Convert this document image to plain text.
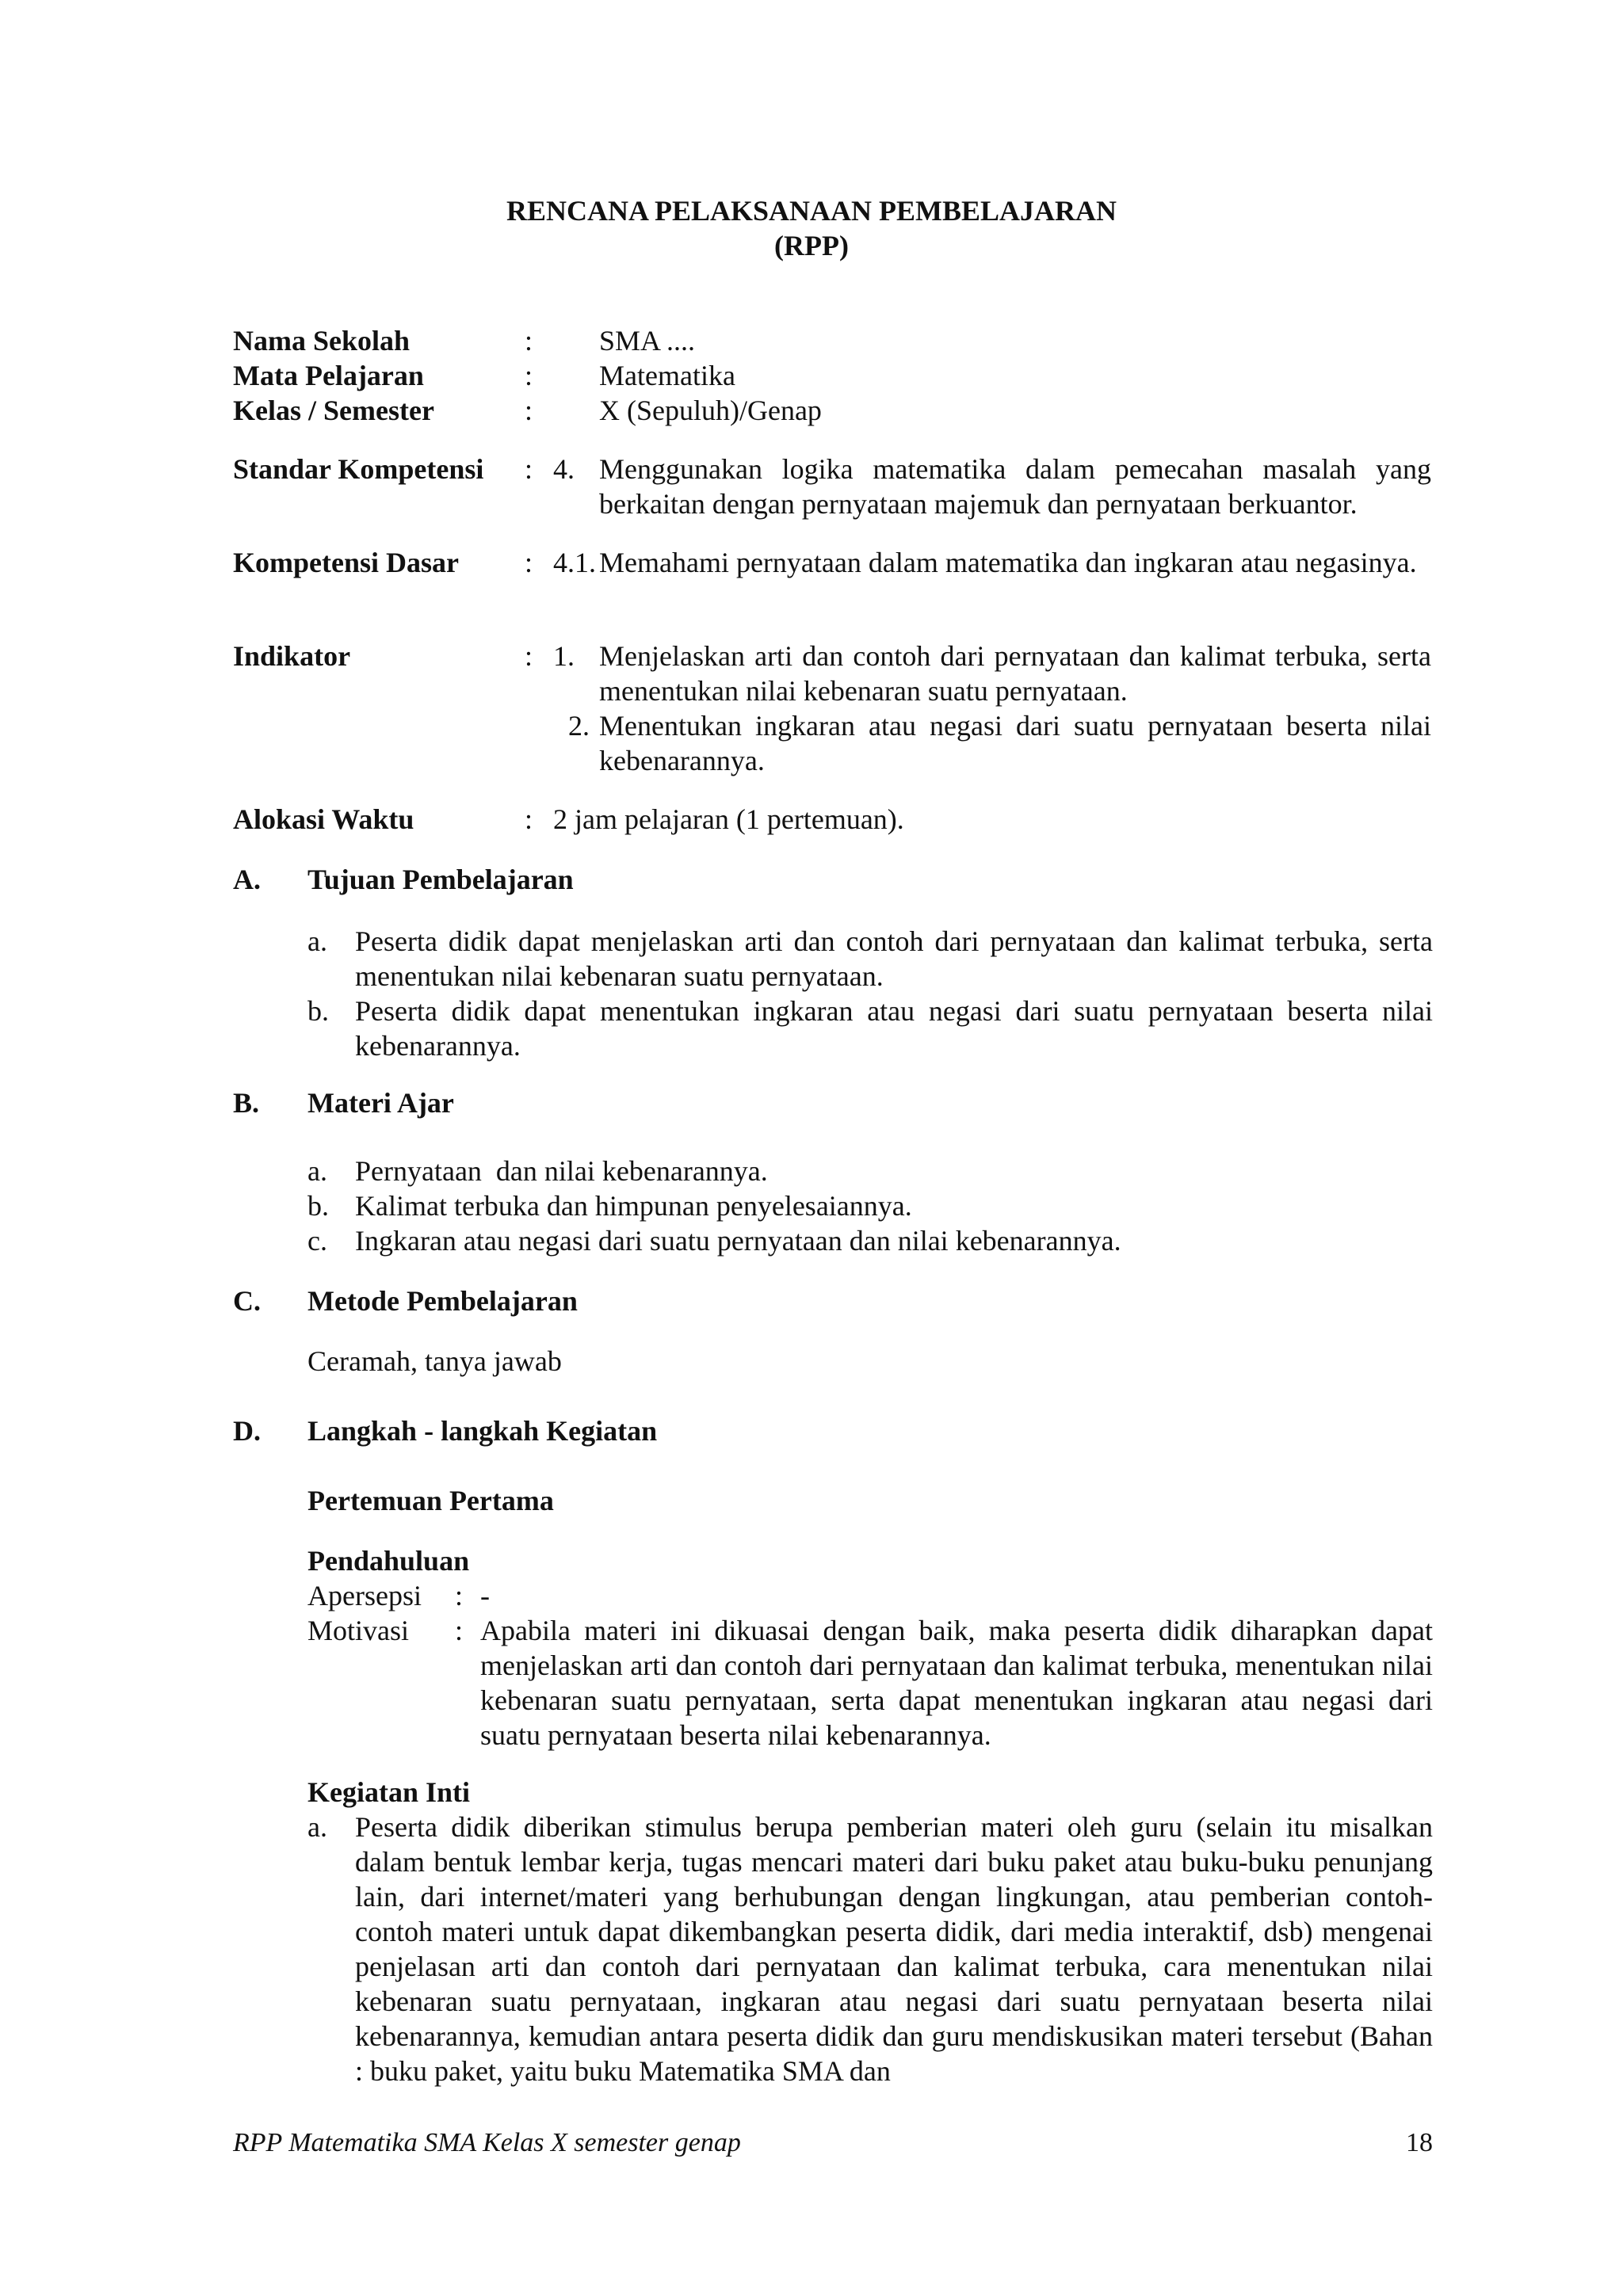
RENCANA PELAKSANAAN PEMBELAJARAN
(RPP)
Nama Sekolah	:	SMA ....
Mata Pelajaran	:	Matematika
Kelas / Semester	:	X (Sepuluh)/Genap
Standar Kompetensi	: 4. Menggunakan logika matematika dalam pemecahan masalah yang berkaitan dengan pernyataan majemuk dan pernyataan berkuantor.
Kompetensi Dasar	: 4.1. Memahami pernyataan dalam matematika dan ingkaran atau negasinya.
Indikator	: 1. Menjelaskan arti dan contoh dari pernyataan dan kalimat terbuka, serta menentukan nilai kebenaran suatu pernyataan.
2. Menentukan ingkaran atau negasi dari suatu pernyataan beserta nilai kebenarannya.
Alokasi Waktu	: 2 jam pelajaran (1 pertemuan).
A.	Tujuan Pembelajaran
a. Peserta didik dapat menjelaskan arti dan contoh dari pernyataan dan kalimat terbuka, serta menentukan nilai kebenaran suatu pernyataan.
b. Peserta didik dapat menentukan ingkaran atau negasi dari suatu pernyataan beserta nilai kebenarannya.
B.	Materi Ajar
a. Pernyataan  dan nilai kebenarannya.
b. Kalimat terbuka dan himpunan penyelesaiannya.
c. Ingkaran atau negasi dari suatu pernyataan dan nilai kebenarannya.
C.	Metode Pembelajaran
Ceramah, tanya jawab
D.	Langkah - langkah Kegiatan
Pertemuan Pertama
Pendahuluan
Apersepsi	: -
Motivasi	: Apabila materi ini dikuasai dengan baik, maka peserta didik diharapkan dapat menjelaskan arti dan contoh dari pernyataan dan kalimat terbuka, menentukan nilai kebenaran suatu pernyataan, serta dapat menentukan ingkaran atau negasi dari suatu pernyataan beserta nilai kebenarannya.
Kegiatan Inti
a. Peserta didik diberikan stimulus berupa pemberian materi oleh guru (selain itu misalkan dalam bentuk lembar kerja, tugas mencari materi dari buku paket atau buku-buku penunjang lain, dari internet/materi yang berhubungan dengan lingkungan, atau pemberian contoh- contoh materi untuk dapat dikembangkan peserta didik, dari media interaktif, dsb) mengenai penjelasan arti dan contoh dari pernyataan dan kalimat terbuka, cara menentukan nilai kebenaran suatu pernyataan, ingkaran atau negasi dari suatu pernyataan beserta nilai kebenarannya, kemudian antara peserta didik dan guru mendiskusikan materi tersebut (Bahan : buku paket, yaitu buku Matematika SMA dan
RPP Matematika SMA Kelas X semester genap	18
